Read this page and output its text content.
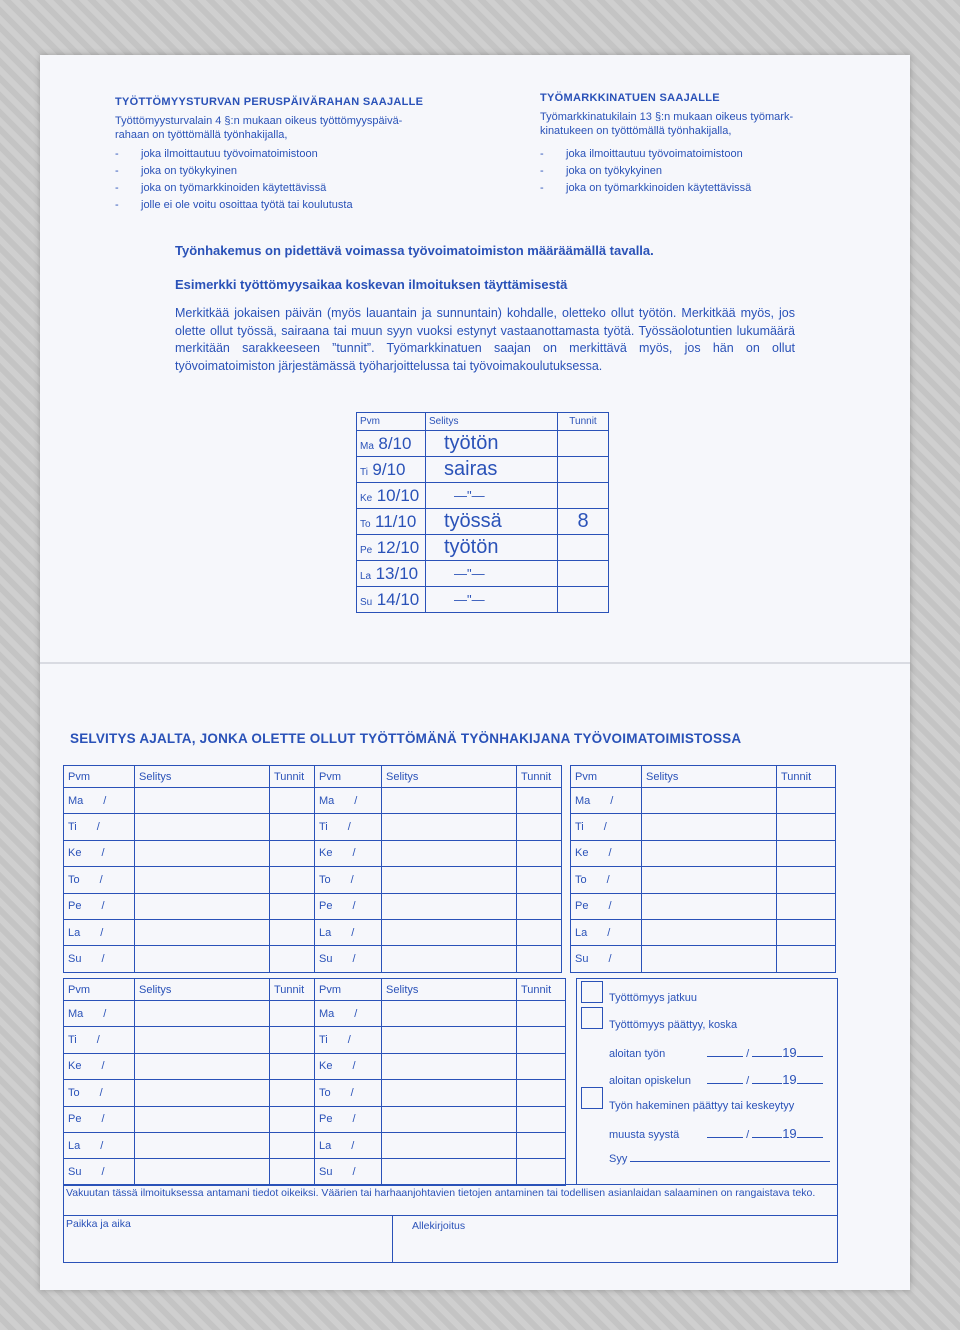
TYÖTTÖMYYSTURVAN PERUSPÄIVÄRAHAN SAAJALLE
Työttömyysturvalain 4 §:n mukaan oikeus työttömyyspäivä-
rahaan on työttömällä työnhakijalla,
- joka ilmoittautuu työvoimatoimistoon
- joka on työkykyinen
- joka on työmarkkinoiden käytettävissä
- jolle ei ole voitu osoittaa työtä tai koulutusta
TYÖMARKKINATUEN SAAJALLE
Työmarkkinatukilain 13 §:n mukaan oikeus työmark-
kinatukeen on työttömällä työnhakijalla,
- joka ilmoittautuu työvoimatoimistoon
- joka on työkykyinen
- joka on työmarkkinoiden käytettävissä
Työnhakemus on pidettävä voimassa työvoimatoimiston määräämällä tavalla.
Esimerkki työttömyysaikaa koskevan ilmoituksen täyttämisestä
Merkitkää jokaisen päivän (myös lauantain ja sunnuntain) kohdalle, oletteko ollut työtön. Merkitkää myös, jos olette ollut työssä, sairaana tai muun syyn vuoksi estynyt vastaanottamasta työtä. Työssäolotuntien lukumäärä merkitään sarakkeeseen ”tunnit”. Työmarkkinatuen saajan on merkittävä myös, jos hän on ollut työvoimatoimiston järjestämässä työharjoittelussa tai työvoimakoulutuksessa.
Pvm	Selitys	Tunnit
Ma 8/10	työtön	
Ti 9/10	sairas	
Ke 10/10	—"—	
To 11/10	työssä	8
Pe 12/10	työtön	
La 13/10	—"—	
Su 14/10	—"—	
SELVITYS AJALTA, JONKA OLETTE OLLUT TYÖTTÖMÄNÄ TYÖNHAKIJANA TYÖVOIMATOIMISTOSSA
Pvm	Selitys	Tunnit	Pvm	Selitys	Tunnit		Pvm	Selitys	Tunnit
Ma /			Ma /				Ma /		
Ti /			Ti /				Ti /		
Ke /			Ke /				Ke /		
To /			To /				To /		
Pe /			Pe /				Pe /		
La /			La /				La /		
Su /			Su /				Su /		
Pvm	Selitys	Tunnit	Pvm	Selitys	Tunnit
Ma /			Ma /		
Ti /			Ti /		
Ke /			Ke /		
To /			To /		
Pe /			Pe /		
La /			La /		
Su /			Su /		
Työttömyys jatkuu
Työttömyys päättyy, koska
aloitan työn	/	19
aloitan opiskelun	/	19
Työn hakeminen päättyy tai keskeytyy
muusta syystä	/	19
Syy
Vakuutan tässä ilmoituksessa antamani tiedot oikeiksi. Väärien tai harhaanjohtavien tietojen antaminen tai todellisen asianlaidan salaaminen on rangaistava teko.
Paikka ja aika	Allekirjoitus
